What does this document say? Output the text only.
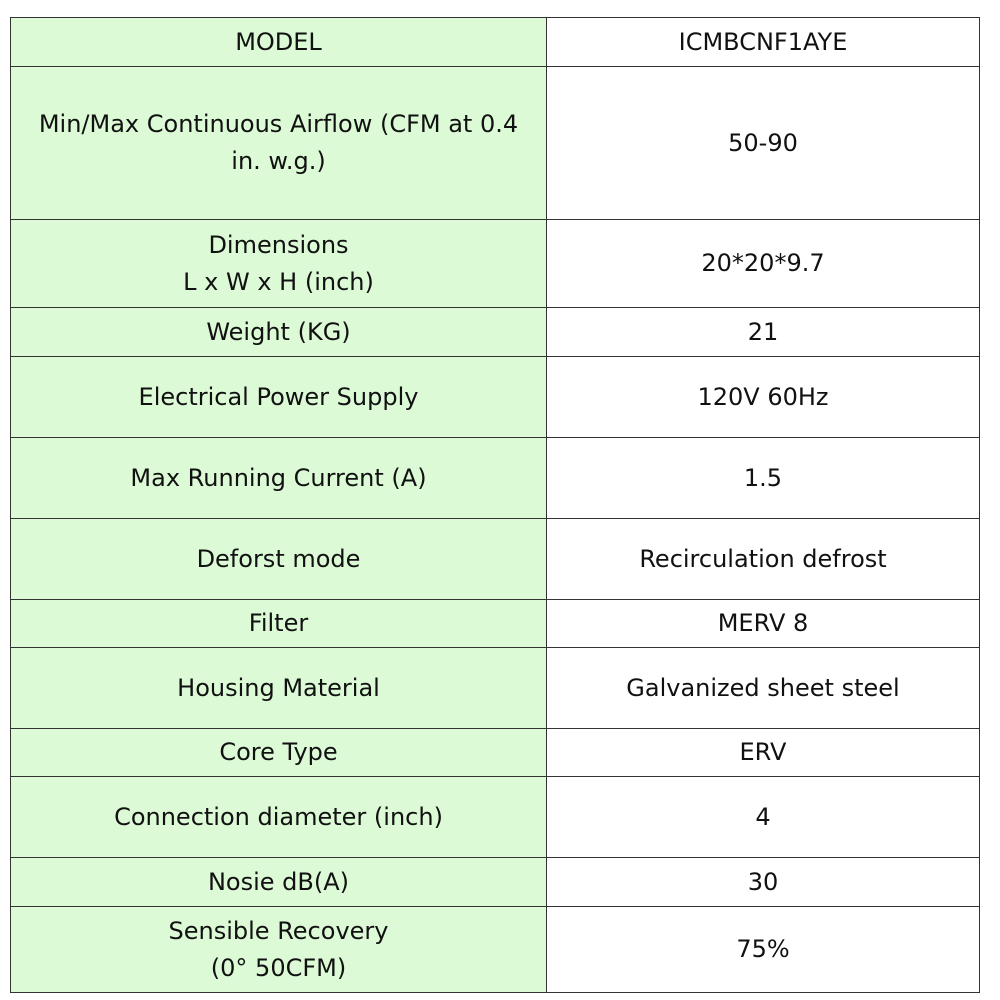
MODEL	ICMBCNF1AYE
Min/Max Continuous Airflow (CFM at 0.4
in. w.g.)	50-90
Dimensions
L x W x H (inch)	20*20*9.7
Weight (KG)	21
Electrical Power Supply	120V 60Hz
Max Running Current (A)	1.5
Deforst mode	Recirculation defrost
Filter	MERV 8
Housing Material	Galvanized sheet steel
Core Type	ERV
Connection diameter (inch)	4
Nosie dB(A)	30
Sensible Recovery
(0° 50CFM)	75%
